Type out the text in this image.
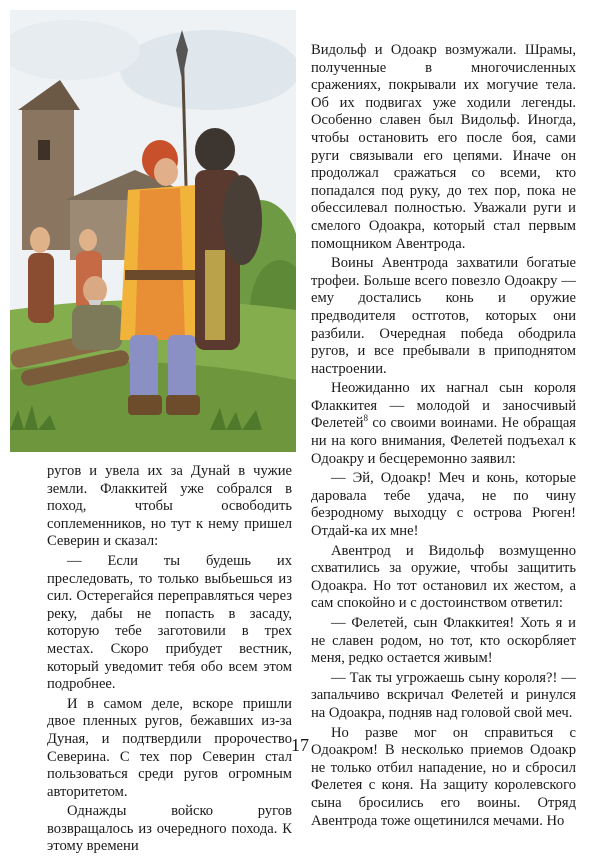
Видольф и Одоакр возмужали. Шрамы, полученные в многочисленных сражениях, покрывали их могучие тела. Об их подвигах уже ходили легенды. Особенно славен был Видольф. Иногда, чтобы остановить его после боя, сами руги связывали его цепями. Иначе он продолжал сражаться со всеми, кто попадался под руку, до тех пор, пока не обессилевал полностью. Уважали руги и смелого Одоакра, который стал первым помощником Авентрода.

Воины Авентрода захватили богатые трофеи. Больше всего повезло Одоакру — ему достались конь и оружие предводителя остготов, которых они разбили. Очередная победа ободрила ругов, и все пребывали в приподнятом настроении.

Неожиданно их нагнал сын короля Флаккитея — молодой и заносчивый Фелетей$^8$ со своими воинами. Не обращая ни на кого внимания, Фелетей подъехал к Одоакру и бесцеремонно заявил:

— Эй, Одоакр! Меч и конь, которые даровала тебе удача, не по чину безродному выходцу с острова Рюген! Отдай-ка их мне!

Авентрод и Видольф возмущенно схватились за оружие, чтобы защитить Одоакра. Но тот остановил их жестом, а сам спокойно и с достоинством ответил:

— Фелетей, сын Флаккитея! Хоть я и не славен родом, но тот, кто оскорбляет меня, редко остается живым!

— Так ты угрожаешь сыну короля?! — запальчиво вскричал Фелетей и ринулся на Одоакра, подняв над головой свой меч.

Но разве мог он справиться с Одоакром! В несколько приемов Одоакр не только отбил нападение, но и сбросил Фелетея с коня. На защиту королевского сына бросились его воины. Отряд Авентрода тоже ощетинился мечами. Но

ругов и увела их за Дунай в чужие земли. Флаккитей уже собрался в поход, чтобы освободить соплеменников, но тут к нему пришел Северин и сказал:

— Если ты будешь их преследовать, то только выбьешься из сил. Остерегайся переправляться через реку, дабы не попасть в засаду, которую тебе заготовили в трех местах. Скоро прибудет вестник, который уведомит тебя обо всем этом подробнее.

И в самом деле, вскоре пришли двое пленных ругов, бежавших из-за Дуная, и подтвердили пророчество Северина. С тех пор Северин стал пользоваться среди ругов огромным авторитетом.

Однажды войско ругов возвращалось из очередного похода. К этому времени

17
